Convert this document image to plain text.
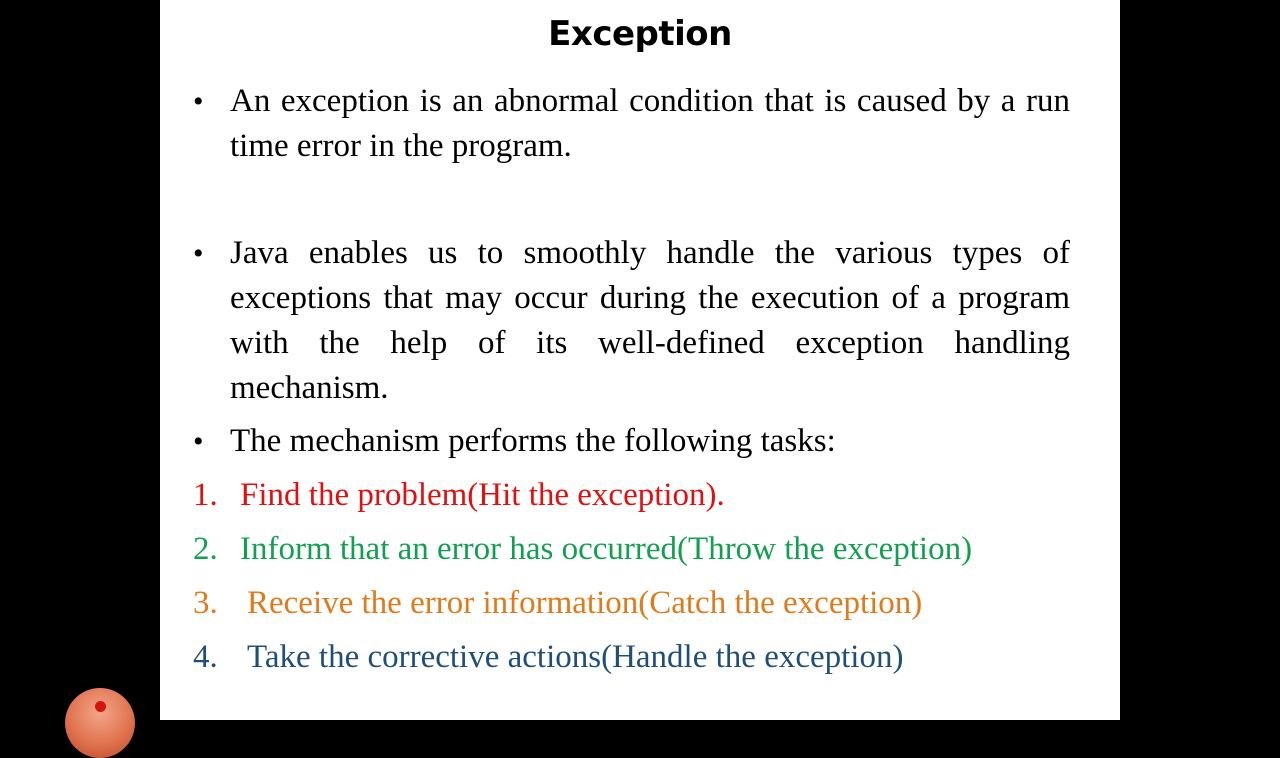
Exception
• An exception is an abnormal condition that is caused by a run time error in the program.
• Java enables us to smoothly handle the various types of exceptions that may occur during the execution of a program with the help of its well-defined exception handling mechanism.
• The mechanism performs the following tasks:
1. Find the problem(Hit the exception).
2. Inform that an error has occurred(Throw the exception)
3. Receive the error information(Catch the exception)
4. Take the corrective actions(Handle the exception)
